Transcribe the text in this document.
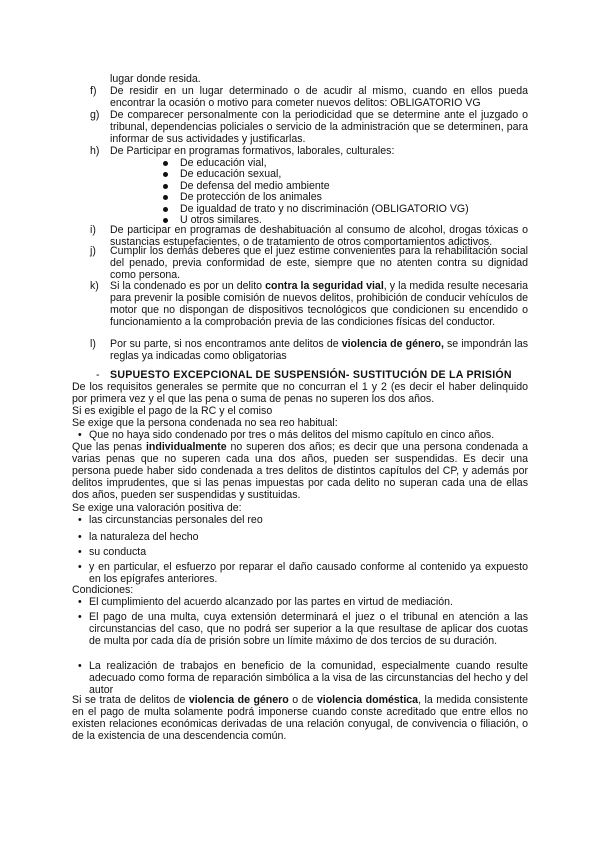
lugar donde resida.
f) De residir en un lugar determinado o de acudir al mismo, cuando en ellos pueda encontrar la ocasión o motivo para cometer nuevos delitos: OBLIGATORIO VG
g) De comparecer personalmente con la periodicidad que se determine ante el juzgado o tribunal, dependencias policiales o servicio de la administración que se determinen, para informar de sus actividades y justificarlas.
h) De Participar en programas formativos, laborales, culturales:
De educación vial,
De educación sexual,
De defensa del medio ambiente
De protección de los animales
De igualdad de trato y no discriminación (OBLIGATORIO VG)
U otros similares.
i) De participar en programas de deshabituación al consumo de alcohol, drogas tóxicas o sustancias estupefacientes, o de tratamiento de otros comportamientos adictivos.
j) Cumplir los demás deberes que el juez estime convenientes para la rehabilitación social del penado, previa conformidad de este, siempre que no atenten contra su dignidad como persona.
k) Si la condenado es por un delito contra la seguridad vial, y la medida resulte necesaria para prevenir la posible comisión de nuevos delitos, prohibición de conducir vehículos de motor que no dispongan de dispositivos tecnológicos que condicionen su encendido o funcionamiento a la comprobación previa de las condiciones físicas del conductor.
l) Por su parte, si nos encontramos ante delitos de violencia de género, se impondrán las reglas ya indicadas como obligatorias
- SUPUESTO EXCEPCIONAL DE SUSPENSIÓN- SUSTITUCIÓN DE LA PRISIÓN
De los requisitos generales se permite que no concurran el 1 y 2 (es decir el haber delinquido por primera vez y el que las pena o suma de penas no superen los dos años.
Si es exigible el pago de la RC y el comiso
Se exige que la persona condenada no sea reo habitual:
• Que no haya sido condenado por tres o más delitos del mismo capítulo en cinco años.
Que las penas individualmente no superen dos años; es decir que una persona condenada a varias penas que no superen cada una dos años, pueden ser suspendidas. Es decir una persona puede haber sido condenada a tres delitos de distintos capítulos del CP, y además por delitos imprudentes, que si las penas impuestas por cada delito no superan cada una de ellas dos años, pueden ser suspendidas y sustituidas.
Se exige una valoración positiva de:
• las circunstancias personales del reo
• la naturaleza del hecho
• su conducta
• y en particular, el esfuerzo por reparar el daño causado conforme al contenido ya expuesto en los epígrafes anteriores.
Condiciones:
• El cumplimiento del acuerdo alcanzado por las partes en virtud de mediación.
• El pago de una multa, cuya extensión determinará el juez o el tribunal en atención a las circunstancias del caso, que no podrá ser superior a la que resultase de aplicar dos cuotas de multa por cada día de prisión sobre un límite máximo de dos tercios de su duración.
• La realización de trabajos en beneficio de la comunidad, especialmente cuando resulte adecuado como forma de reparación simbólica a la visa de las circunstancias del hecho y del autor
Si se trata de delitos de violencia de género o de violencia doméstica, la medida consistente en el pago de multa solamente podrá imponerse cuando conste acreditado que entre ellos no existen relaciones económicas derivadas de una relación conyugal, de convivencia o filiación, o de la existencia de una descendencia común.
